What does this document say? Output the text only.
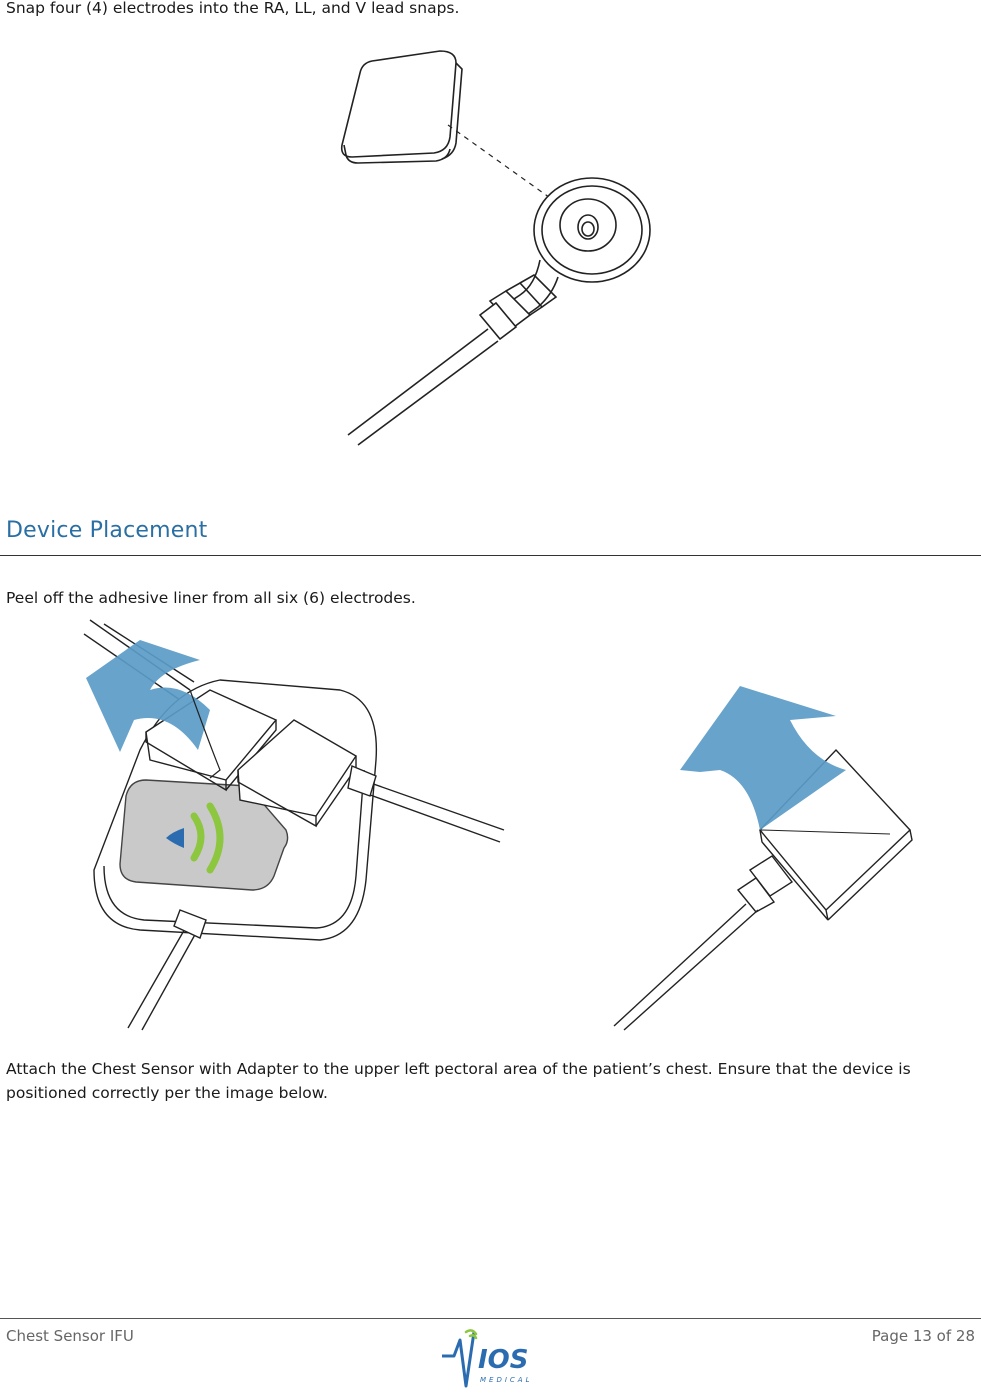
Snap four (4) electrodes into the RA, LL, and V lead snaps.
Device Placement
Peel off the adhesive liner from all six (6) electrodes.
Attach the Chest Sensor with Adapter to the upper left pectoral area of the patient’s chest. Ensure that the device is positioned correctly per the image below.
Chest Sensor IFU	Page 13 of 28
IOS
MEDICAL
